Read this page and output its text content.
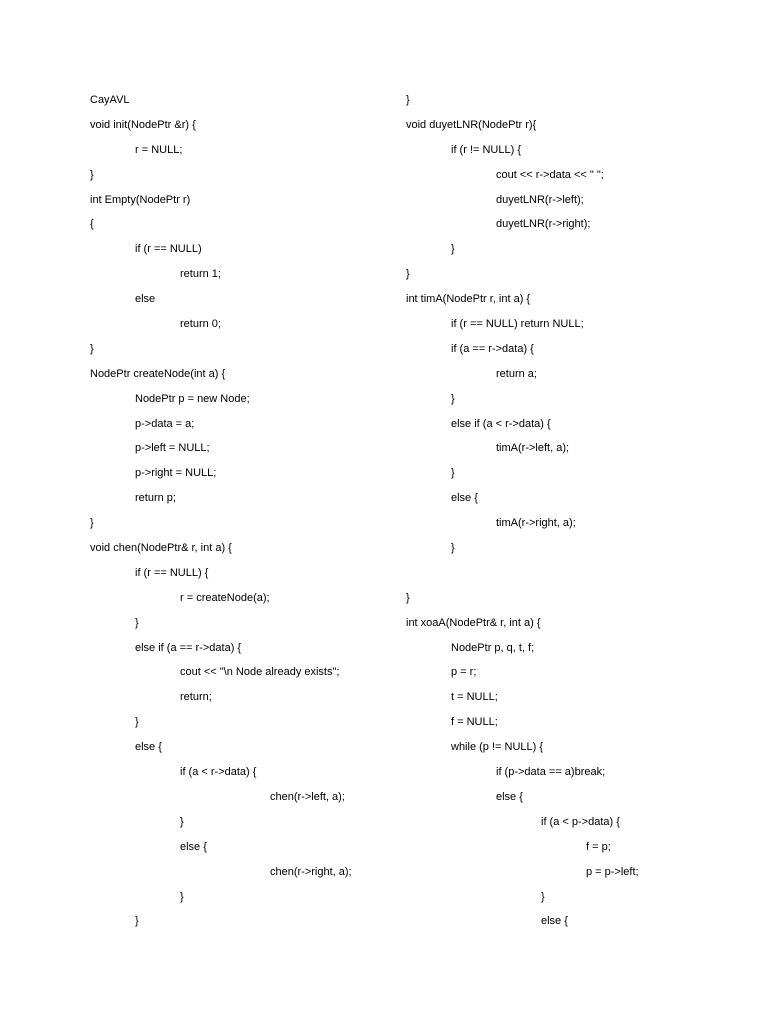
CayAVL
void init(NodePtr &r) {
r = NULL;
}
int Empty(NodePtr r)
{
if (r == NULL)
return 1;
else
return 0;
}
NodePtr createNode(int a) {
NodePtr p = new Node;
p->data = a;
p->left = NULL;
p->right = NULL;
return p;
}
void chen(NodePtr& r, int a) {
if (r == NULL) {
r = createNode(a);
}
else if (a == r->data) {
cout << "\n Node already exists";
return;
}
else {
if (a < r->data) {
chen(r->left, a);
}
else {
chen(r->right, a);
}
}
}
void duyetLNR(NodePtr r){
if (r != NULL) {
cout << r->data << " ";
duyetLNR(r->left);
duyetLNR(r->right);
}
}
int timA(NodePtr r, int a) {
if (r == NULL) return NULL;
if (a == r->data) {
return a;
}
else if (a < r->data) {
timA(r->left, a);
}
else {
timA(r->right, a);
}
}
int xoaA(NodePtr& r, int a) {
NodePtr p, q, t, f;
p = r;
t = NULL;
f = NULL;
while (p != NULL) {
if (p->data == a)break;
else {
if (a < p->data) {
f = p;
p = p->left;
}
else {
